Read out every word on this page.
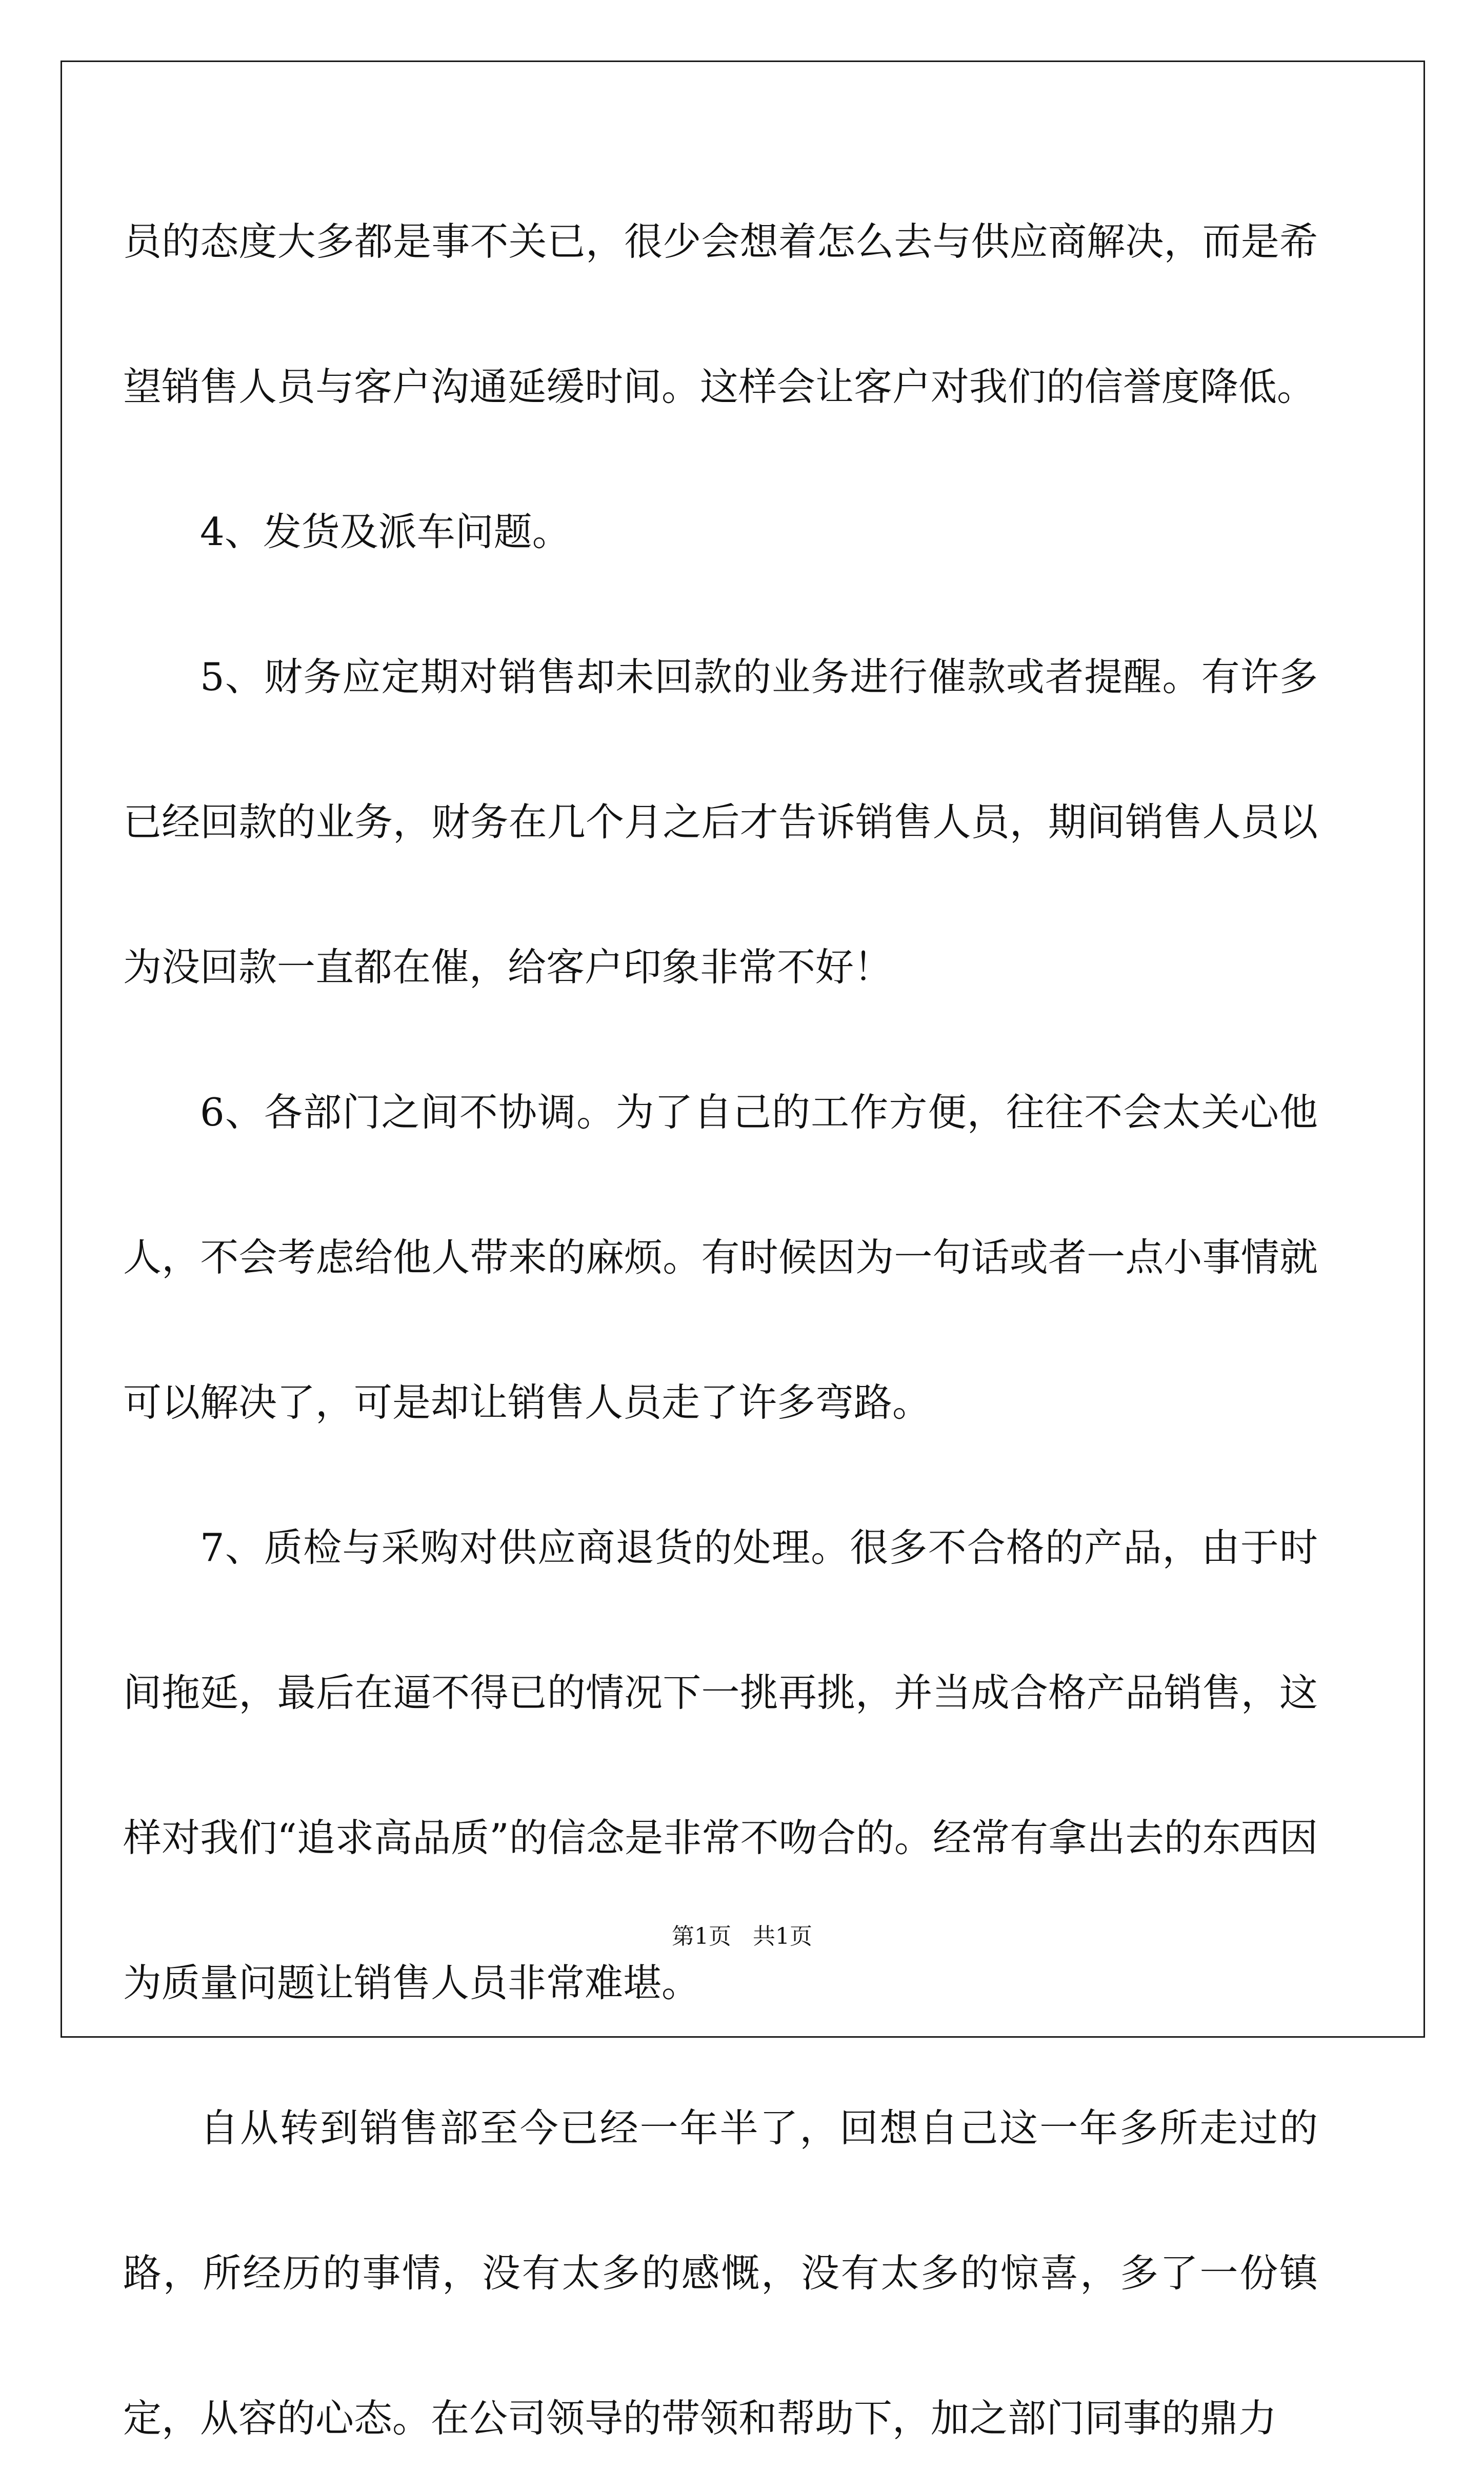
员的态度大多都是事不关已，很少会想着怎么去与供应商解决，而是希望销售人员与客户沟通延缓时间。这样会让客户对我们的信誉度降低。

4、发货及派车问题。

5、财务应定期对销售却未回款的业务进行催款或者提醒。有许多已经回款的业务，财务在几个月之后才告诉销售人员，期间销售人员以为没回款一直都在催，给客户印象非常不好！

6、各部门之间不协调。为了自己的工作方便，往往不会太关心他人，不会考虑给他人带来的麻烦。有时候因为一句话或者一点小事情就可以解决了，可是却让销售人员走了许多弯路。

7、质检与采购对供应商退货的处理。很多不合格的产品，由于时间拖延，最后在逼不得已的情况下一挑再挑，并当成合格产品销售，这样对我们“追求高品质”的信念是非常不吻合的。经常有拿出去的东西因为质量问题让销售人员非常难堪。

自从转到销售部至今已经一年半了，回想自己这一年多所走过的路，所经历的事情，没有太多的感慨，没有太多的惊喜，多了一份镇定，从容的心态。在公司领导的带领和帮助下，加之部门同事的鼎力

第1页   共1页
